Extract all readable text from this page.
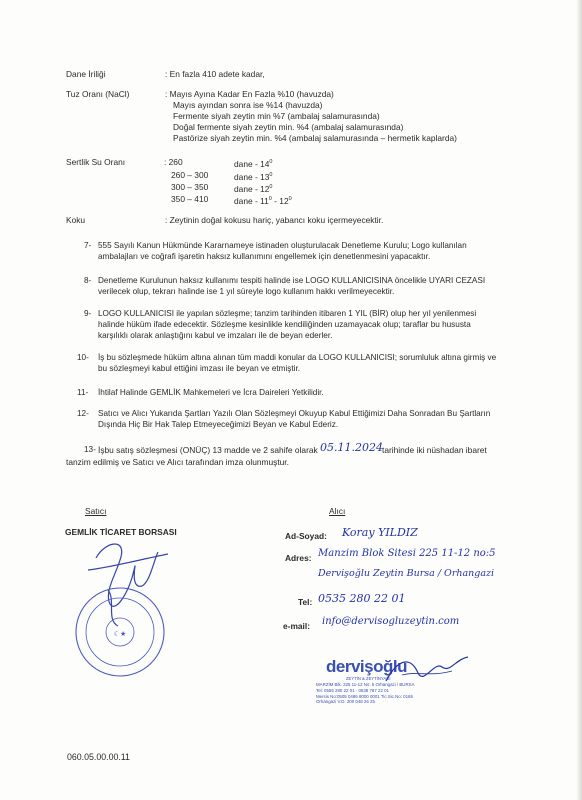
Dane İriliği	: En fazla 410 adete kadar,
Tuz Oranı (NaCl)	: Mayıs Ayına Kadar En Fazla %10 (havuzda)
Mayıs ayından sonra ise %14 (havuzda)
Fermente siyah zeytin min %7 (ambalaj salamurasında)
Doğal fermente siyah zeytin min. %4 (ambalaj salamurasında)
Pastörize siyah zeytin min. %4 (ambalaj salamurasında – hermetik kaplarda)
Sertlik Su Oranı	: 260	dane - $14^0$
260 – 300	dane - $13^0$
300 – 350	dane - $12^0$
350 – 410	dane - $11^0 - 12^0$
Koku	: Zeytinin doğal kokusu hariç, yabancı koku içermeyecektir.
7- 555 Sayılı Kanun Hükmünde Kararnameye istinaden oluşturulacak Denetleme Kurulu; Logo kullanılan ambalajları ve coğrafi işaretin haksız kullanımını engellemek için denetlenmesini yapacaktır.
8- Denetleme Kurulunun haksız kullanımı tespiti halinde ise LOGO KULLANICISINA öncelikle UYARI CEZASI verilecek olup, tekrarı halinde ise 1 yıl süreyle logo kullanım hakkı verilmeyecektir.
9- LOGO KULLANICISI ile yapılan sözleşme; tanzim tarihinden itibaren 1 YIL (BİR) olup her yıl yenilenmesi halinde hüküm ifade edecektir. Sözleşme kesinlikle kendiliğinden uzamayacak olup; taraflar bu hususta karşılıklı olarak anlaştığını kabul ve imzaları ile de beyan ederler.
10- İş bu sözleşmede hüküm altına alınan tüm maddi konular da LOGO KULLANICISI; sorumluluk altına girmiş ve bu sözleşmeyi kabul ettiğini imzası ile beyan ve etmiştir.
11- İhtilaf Halinde GEMLİK Mahkemeleri ve İcra Daireleri Yetkilidir.
12- Satıcı ve Alıcı Yukarıda Şartları Yazılı Olan Sözleşmeyi Okuyup Kabul Ettiğimizi Daha Sonradan Bu Şartların Dışında Hiç Bir Hak Talep Etmeyeceğimizi Beyan ve Kabul Ederiz.
13- İşbu satış sözleşmesi (ONÜÇ) 13 madde ve 2 sahife olarak 05.11.2024 tarihinde iki nüshadan ibaret
tanzim edilmiş ve Satıcı ve Alıcı tarafından imza olunmuştur.
Satıcı
GEMLİK TİCARET BORSASI
☾★
Alıcı
Ad-Soyad: Koray YILDIZ
Adres: Manzim Blok Sitesi 225 11-12 no:5
Dervişoğlu Zeytin Bursa / Orhangazi
Tel: 0535 280 22 01
e-mail: info@dervisogluzeytin.com
dervişoğlu
ZEYTİN & ZEYTİNYAĞI
MARZİM Blk. 225 11-12 No: 5 Orhangazi / BURSA
Tel: 0555 280 22 01 · 0538 787 22 01
Mersis No:0505 0486 8000 0001 Tic.Sic.No: 0165
Orhangazi V.D. 200 048 26 25
060.05.00.00.11
